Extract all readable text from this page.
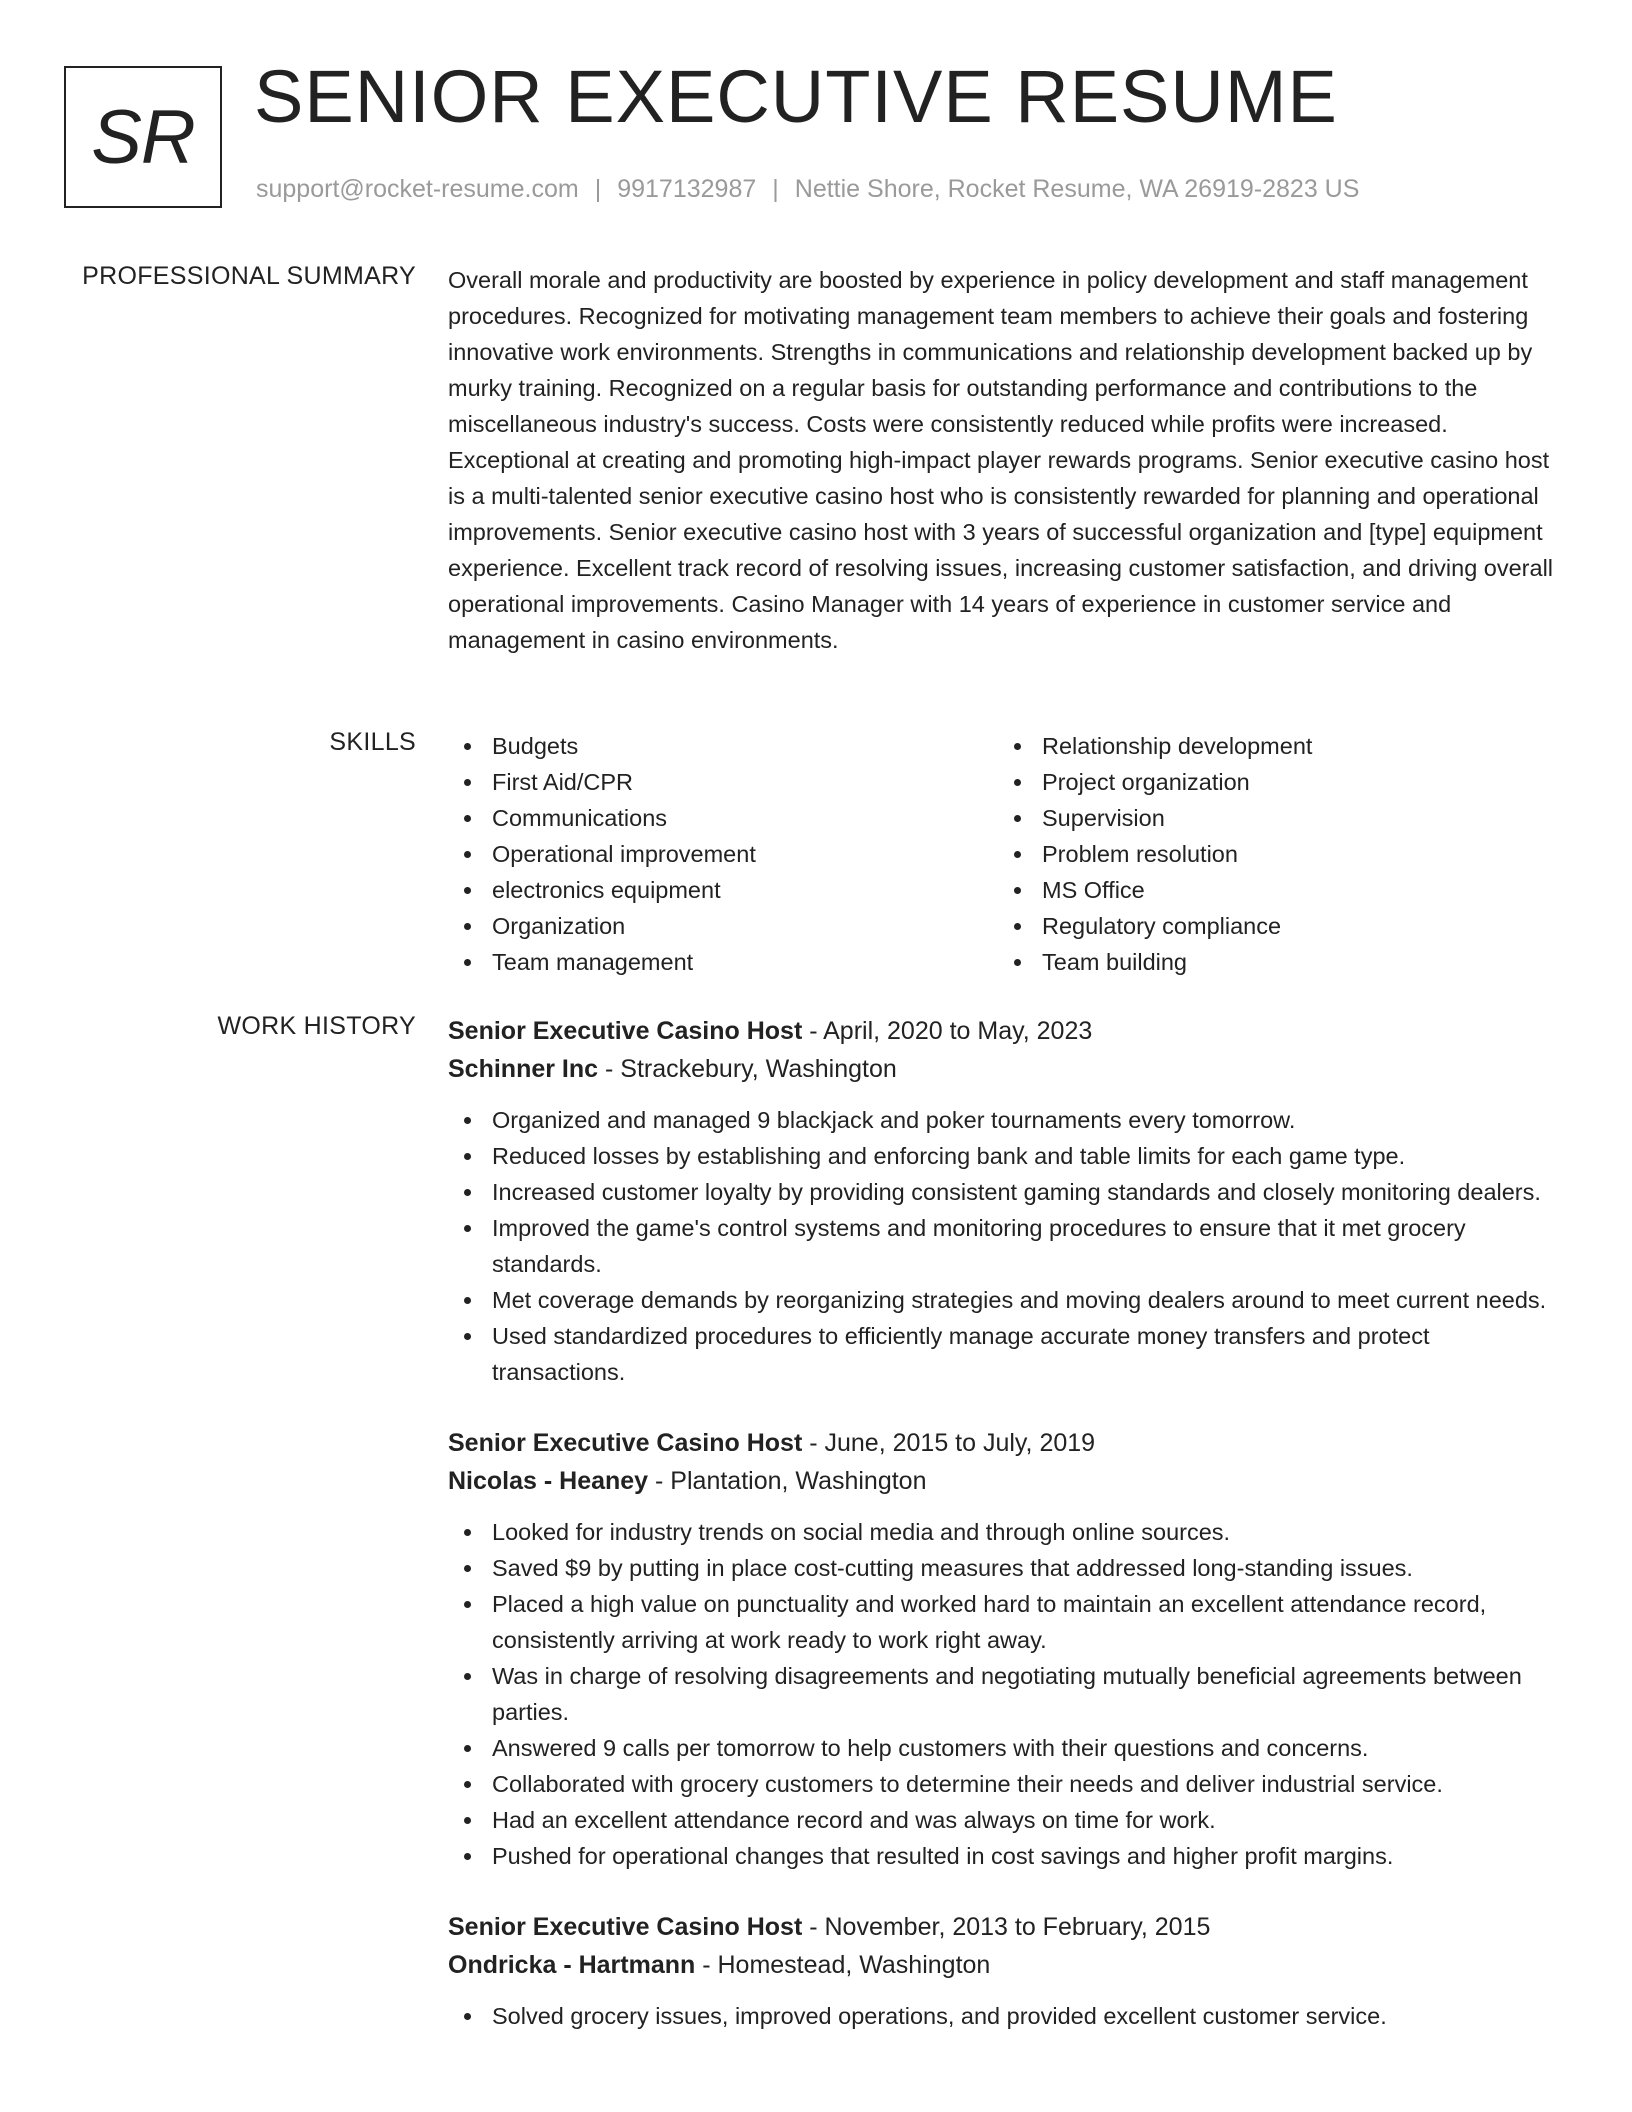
SR SENIOR EXECUTIVE RESUME
support@rocket-resume.com | 9917132987 | Nettie Shore, Rocket Resume, WA 26919-2823 US
PROFESSIONAL SUMMARY Overall morale and productivity are boosted by experience in policy development and staff management procedures. Recognized for motivating management team members to achieve their goals and fostering innovative work environments. Strengths in communications and relationship development backed up by murky training. Recognized on a regular basis for outstanding performance and contributions to the miscellaneous industry's success. Costs were consistently reduced while profits were increased. Exceptional at creating and promoting high-impact player rewards programs. Senior executive casino host is a multi-talented senior executive casino host who is consistently rewarded for planning and operational improvements. Senior executive casino host with 3 years of successful organization and [type] equipment experience. Excellent track record of resolving issues, increasing customer satisfaction, and driving overall operational improvements. Casino Manager with 14 years of experience in customer service and management in casino environments.

SKILLS	Budgets
First Aid/CPR
Communications
Operational improvement
electronics equipment
Organization
Team management
Relationship development
Project organization
Supervision
Problem resolution
MS Office
Regulatory compliance
Team building
WORK HISTORY Senior Executive Casino Host - April, 2020 to May, 2023
Schinner Inc - Strackebury, Washington
Organized and managed 9 blackjack and poker tournaments every tomorrow.
Reduced losses by establishing and enforcing bank and table limits for each game type.
Increased customer loyalty by providing consistent gaming standards and closely monitoring dealers.
Improved the game's control systems and monitoring procedures to ensure that it met grocery standards.
Met coverage demands by reorganizing strategies and moving dealers around to meet current needs.
Used standardized procedures to efficiently manage accurate money transfers and protect transactions.
Senior Executive Casino Host - June, 2015 to July, 2019
Nicolas - Heaney - Plantation, Washington
Looked for industry trends on social media and through online sources.
Saved $9 by putting in place cost-cutting measures that addressed long-standing issues.
Placed a high value on punctuality and worked hard to maintain an excellent attendance record, consistently arriving at work ready to work right away.
Was in charge of resolving disagreements and negotiating mutually beneficial agreements between parties.
Answered 9 calls per tomorrow to help customers with their questions and concerns.
Collaborated with grocery customers to determine their needs and deliver industrial service.
Had an excellent attendance record and was always on time for work.
Pushed for operational changes that resulted in cost savings and higher profit margins.
Senior Executive Casino Host - November, 2013 to February, 2015
Ondricka - Hartmann - Homestead, Washington
Solved grocery issues, improved operations, and provided excellent customer service.
